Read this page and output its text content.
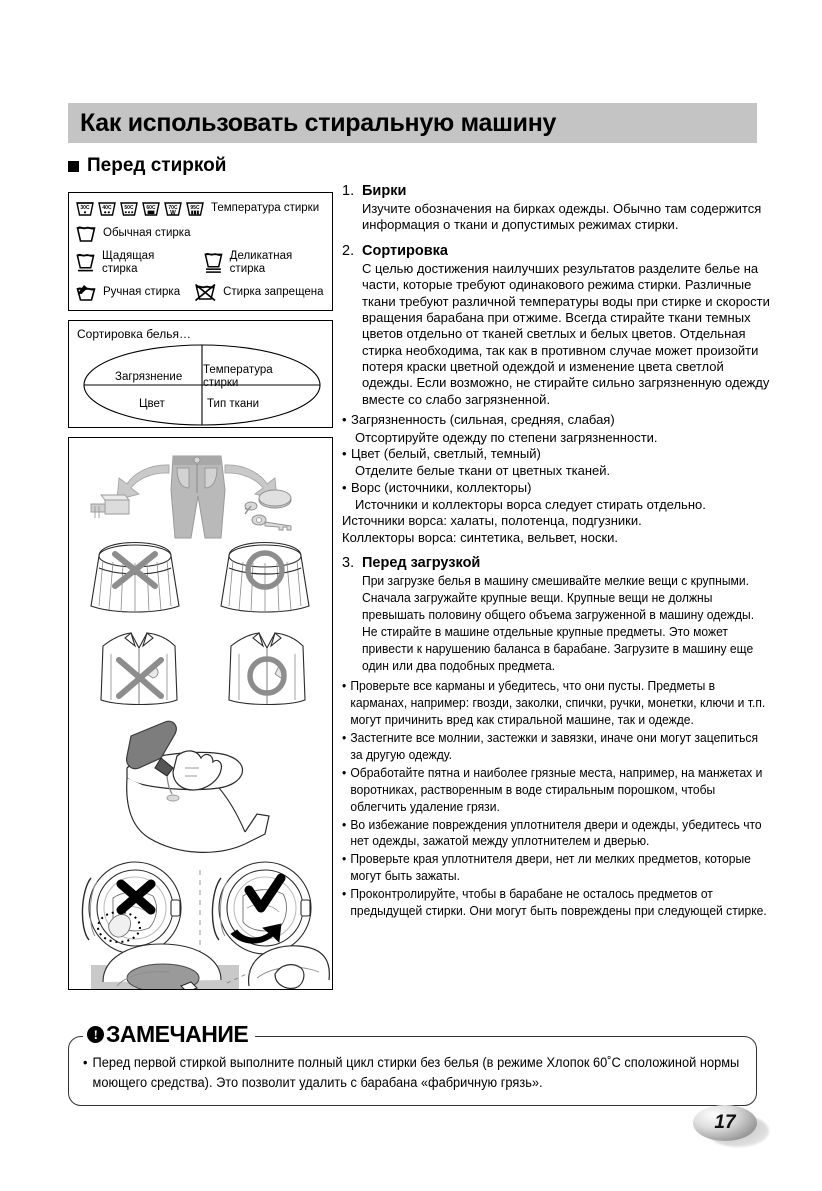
Как использовать стиральную машину
Перед стиркой
30C	40C	50C	60C	70C
W
95C Температура стирки
Обычная стирка
Щадящая стирка
Деликатная стирка
Ручная стирка	Стирка запрещена
Сортировка белья…
Загрязнение
Температура
стирки
Цвет	Тип ткани
1. Бирки
Изучите обозначения на бирках одежды. Обычно там содержится информация о ткани и допустимых режимах стирки.
2. Сортировка
С целью достижения наилучших результатов разделите белье на части, которые требуют одинакового режима стирки. Различные ткани требуют различной температуры воды при стирке и скорости вращения барабана при отжиме. Всегда стирайте ткани темных цветов отдельно от тканей светлых и белых цветов. Отдельная стирка необходима, так как в противном случае может произойти потеря краски цветной одеждой и изменение цвета светлой одежды. Если возможно, не стирайте сильно загрязненную одежду вместе со слабо загрязненной.
• Загрязненность (сильная, средняя, слабая)
Отсортируйте одежду по степени загрязненности.
• Цвет (белый, светлый, темный)
Отделите белые ткани от цветных тканей.
• Ворс (источники, коллекторы)
Источники и коллекторы ворса следует стирать отдельно.
Источники ворса: халаты, полотенца, подгузники.
Коллекторы ворса: синтетика, вельвет, носки.
3. Перед загрузкой
При загрузке белья в машину смешивайте мелкие вещи с крупными. Сначала загружайте крупные вещи. Крупные вещи не должны превышать половину общего объема загруженной в машину одежды. Не стирайте в машине отдельные крупные предметы. Это может привести к нарушению баланса в барабане. Загрузите в машину еще один или два подобных предмета.
• Проверьте все карманы и убедитесь, что они пусты. Предметы в карманах, например: гвозди, заколки, спички, ручки, монетки, ключи и т.п. могут причинить вред как стиральной машине, так и одежде.
• Застегните все молнии, застежки и завязки, иначе они могут зацепиться за другую одежду.
• Обработайте пятна и наиболее грязные места, например, на манжетах и воротниках, растворенным в воде стиральным порошком, чтобы облегчить удаление грязи.
• Во избежание повреждения уплотнителя двери и одежды, убедитесь что нет одежды, зажатой между уплотнителем и дверью.
• Проверьте края уплотнителя двери, нет ли мелких предметов, которые могут быть зажаты.
• Проконтролируйте, чтобы в барабане не осталось предметов от предыдущей стирки. Они могут быть повреждены при следующей стирке.
! ЗАМЕЧАНИЕ
• Перед первой стиркой выполните полный цикл стирки без белья (в режиме Хлопок 60˚С сположиной нормы моющего средства). Это позволит удалить с барабана «фабричную грязь».
17
